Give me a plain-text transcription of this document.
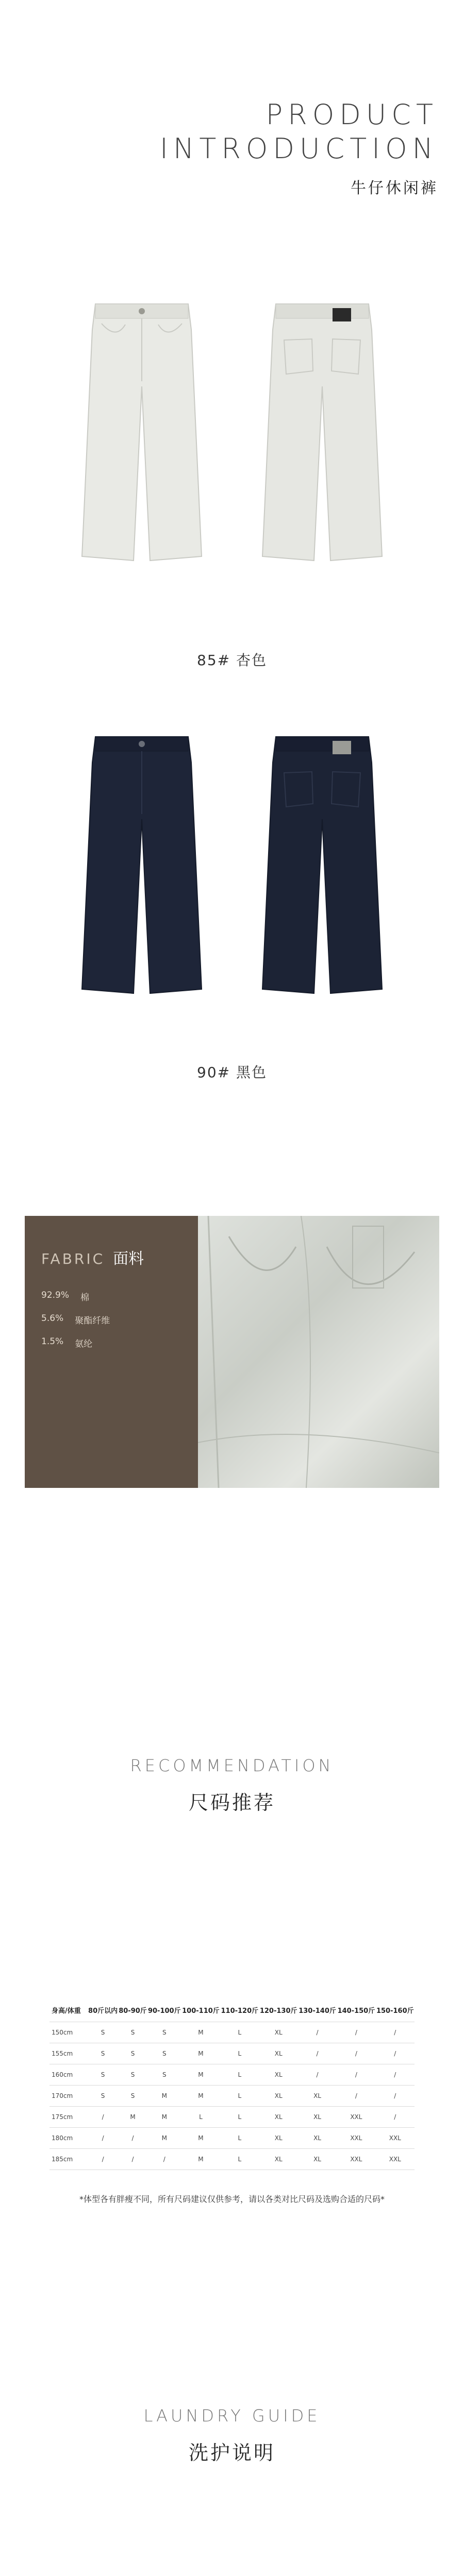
PRODUCT
INTRODUCTION
牛仔休闲裤
85# 杏色
90# 黑色
FABRIC 面料
92.9% 棉
5.6% 聚酯纤维
1.5% 氨纶
RECOMMENDATION
尺码推荐
身高/体重	80斤以内	80-90斤	90-100斤	100-110斤	110-120斤	120-130斤	130-140斤	140-150斤	150-160斤
150cm	S	S	S	M	L	XL	/	/	/
155cm	S	S	S	M	L	XL	/	/	/
160cm	S	S	S	M	L	XL	/	/	/
170cm	S	S	M	M	L	XL	XL	/	/
175cm	/	M	M	L	L	XL	XL	XXL	/
180cm	/	/	M	M	L	XL	XL	XXL	XXL
185cm	/	/	/	M	L	XL	XL	XXL	XXL
*体型各有胖瘦不同，所有尺码建议仅供参考，请以各类对比尺码及选购合适的尺码*
LAUNDRY GUIDE
洗护说明
